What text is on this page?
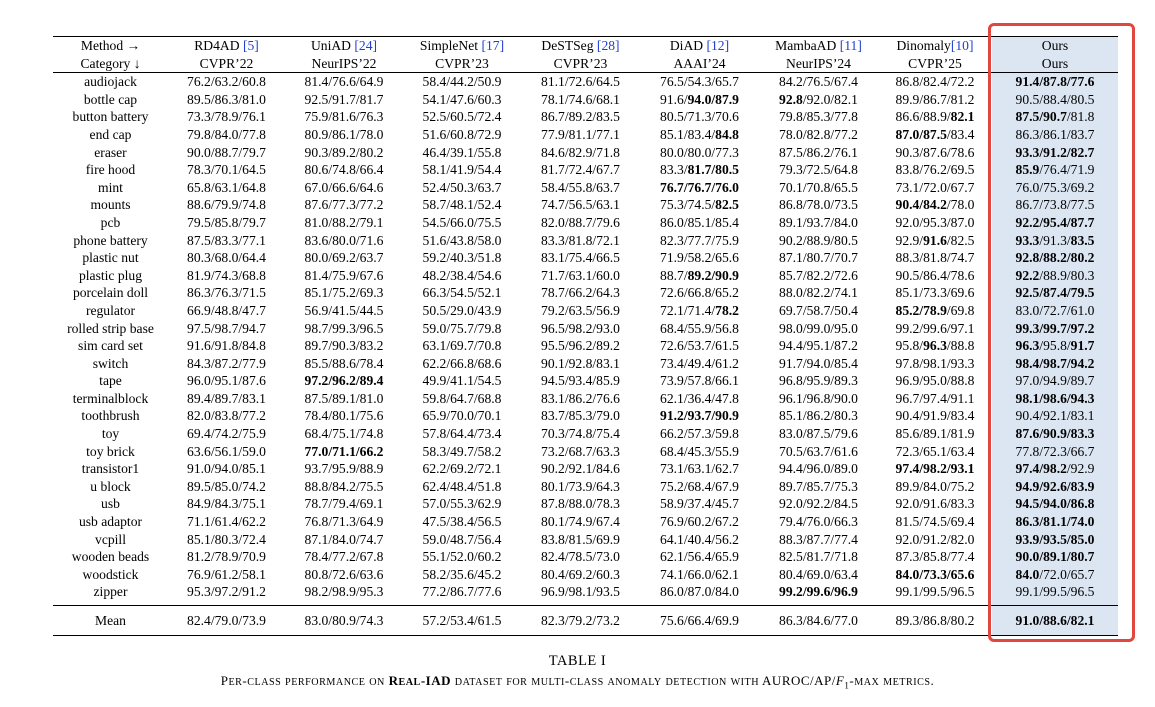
Method →	RD4AD [5]	UniAD [24]	SimpleNet [17]	DeSTSeg [28]	DiAD [12]	MambaAD [11]	Dinomaly[10]	Ours
Category ↓	CVPR’22	NeurIPS’22	CVPR’23	CVPR’23	AAAI’24	NeurIPS’24	CVPR’25	Ours
audiojack	76.2/63.2/60.8	81.4/76.6/64.9	58.4/44.2/50.9	81.1/72.6/64.5	76.5/54.3/65.7	84.2/76.5/67.4	86.8/82.4/72.2	91.4/87.8/77.6
bottle cap	89.5/86.3/81.0	92.5/91.7/81.7	54.1/47.6/60.3	78.1/74.6/68.1	91.6/94.0/87.9	92.8/92.0/82.1	89.9/86.7/81.2	90.5/88.4/80.5
button battery	73.3/78.9/76.1	75.9/81.6/76.3	52.5/60.5/72.4	86.7/89.2/83.5	80.5/71.3/70.6	79.8/85.3/77.8	86.6/88.9/82.1	87.5/90.7/81.8
end cap	79.8/84.0/77.8	80.9/86.1/78.0	51.6/60.8/72.9	77.9/81.1/77.1	85.1/83.4/84.8	78.0/82.8/77.2	87.0/87.5/83.4	86.3/86.1/83.7
eraser	90.0/88.7/79.7	90.3/89.2/80.2	46.4/39.1/55.8	84.6/82.9/71.8	80.0/80.0/77.3	87.5/86.2/76.1	90.3/87.6/78.6	93.3/91.2/82.7
fire hood	78.3/70.1/64.5	80.6/74.8/66.4	58.1/41.9/54.4	81.7/72.4/67.7	83.3/81.7/80.5	79.3/72.5/64.8	83.8/76.2/69.5	85.9/76.4/71.9
mint	65.8/63.1/64.8	67.0/66.6/64.6	52.4/50.3/63.7	58.4/55.8/63.7	76.7/76.7/76.0	70.1/70.8/65.5	73.1/72.0/67.7	76.0/75.3/69.2
mounts	88.6/79.9/74.8	87.6/77.3/77.2	58.7/48.1/52.4	74.7/56.5/63.1	75.3/74.5/82.5	86.8/78.0/73.5	90.4/84.2/78.0	86.7/73.8/77.5
pcb	79.5/85.8/79.7	81.0/88.2/79.1	54.5/66.0/75.5	82.0/88.7/79.6	86.0/85.1/85.4	89.1/93.7/84.0	92.0/95.3/87.0	92.2/95.4/87.7
phone battery	87.5/83.3/77.1	83.6/80.0/71.6	51.6/43.8/58.0	83.3/81.8/72.1	82.3/77.7/75.9	90.2/88.9/80.5	92.9/91.6/82.5	93.3/91.3/83.5
plastic nut	80.3/68.0/64.4	80.0/69.2/63.7	59.2/40.3/51.8	83.1/75.4/66.5	71.9/58.2/65.6	87.1/80.7/70.7	88.3/81.8/74.7	92.8/88.2/80.2
plastic plug	81.9/74.3/68.8	81.4/75.9/67.6	48.2/38.4/54.6	71.7/63.1/60.0	88.7/89.2/90.9	85.7/82.2/72.6	90.5/86.4/78.6	92.2/88.9/80.3
porcelain doll	86.3/76.3/71.5	85.1/75.2/69.3	66.3/54.5/52.1	78.7/66.2/64.3	72.6/66.8/65.2	88.0/82.2/74.1	85.1/73.3/69.6	92.5/87.4/79.5
regulator	66.9/48.8/47.7	56.9/41.5/44.5	50.5/29.0/43.9	79.2/63.5/56.9	72.1/71.4/78.2	69.7/58.7/50.4	85.2/78.9/69.8	83.0/72.7/61.0
rolled strip base	97.5/98.7/94.7	98.7/99.3/96.5	59.0/75.7/79.8	96.5/98.2/93.0	68.4/55.9/56.8	98.0/99.0/95.0	99.2/99.6/97.1	99.3/99.7/97.2
sim card set	91.6/91.8/84.8	89.7/90.3/83.2	63.1/69.7/70.8	95.5/96.2/89.2	72.6/53.7/61.5	94.4/95.1/87.2	95.8/96.3/88.8	96.3/95.8/91.7
switch	84.3/87.2/77.9	85.5/88.6/78.4	62.2/66.8/68.6	90.1/92.8/83.1	73.4/49.4/61.2	91.7/94.0/85.4	97.8/98.1/93.3	98.4/98.7/94.2
tape	96.0/95.1/87.6	97.2/96.2/89.4	49.9/41.1/54.5	94.5/93.4/85.9	73.9/57.8/66.1	96.8/95.9/89.3	96.9/95.0/88.8	97.0/94.9/89.7
terminalblock	89.4/89.7/83.1	87.5/89.1/81.0	59.8/64.7/68.8	83.1/86.2/76.6	62.1/36.4/47.8	96.1/96.8/90.0	96.7/97.4/91.1	98.1/98.6/94.3
toothbrush	82.0/83.8/77.2	78.4/80.1/75.6	65.9/70.0/70.1	83.7/85.3/79.0	91.2/93.7/90.9	85.1/86.2/80.3	90.4/91.9/83.4	90.4/92.1/83.1
toy	69.4/74.2/75.9	68.4/75.1/74.8	57.8/64.4/73.4	70.3/74.8/75.4	66.2/57.3/59.8	83.0/87.5/79.6	85.6/89.1/81.9	87.6/90.9/83.3
toy brick	63.6/56.1/59.0	77.0/71.1/66.2	58.3/49.7/58.2	73.2/68.7/63.3	68.4/45.3/55.9	70.5/63.7/61.6	72.3/65.1/63.4	77.8/72.3/66.7
transistor1	91.0/94.0/85.1	93.7/95.9/88.9	62.2/69.2/72.1	90.2/92.1/84.6	73.1/63.1/62.7	94.4/96.0/89.0	97.4/98.2/93.1	97.4/98.2/92.9
u block	89.5/85.0/74.2	88.8/84.2/75.5	62.4/48.4/51.8	80.1/73.9/64.3	75.2/68.4/67.9	89.7/85.7/75.3	89.9/84.0/75.2	94.9/92.6/83.9
usb	84.9/84.3/75.1	78.7/79.4/69.1	57.0/55.3/62.9	87.8/88.0/78.3	58.9/37.4/45.7	92.0/92.2/84.5	92.0/91.6/83.3	94.5/94.0/86.8
usb adaptor	71.1/61.4/62.2	76.8/71.3/64.9	47.5/38.4/56.5	80.1/74.9/67.4	76.9/60.2/67.2	79.4/76.0/66.3	81.5/74.5/69.4	86.3/81.1/74.0
vcpill	85.1/80.3/72.4	87.1/84.0/74.7	59.0/48.7/56.4	83.8/81.5/69.9	64.1/40.4/56.2	88.3/87.7/77.4	92.0/91.2/82.0	93.9/93.5/85.0
wooden beads	81.2/78.9/70.9	78.4/77.2/67.8	55.1/52.0/60.2	82.4/78.5/73.0	62.1/56.4/65.9	82.5/81.7/71.8	87.3/85.8/77.4	90.0/89.1/80.7
woodstick	76.9/61.2/58.1	80.8/72.6/63.6	58.2/35.6/45.2	80.4/69.2/60.3	74.1/66.0/62.1	80.4/69.0/63.4	84.0/73.3/65.6	84.0/72.0/65.7
zipper	95.3/97.2/91.2	98.2/98.9/95.3	77.2/86.7/77.6	96.9/98.1/93.5	86.0/87.0/84.0	99.2/99.6/96.9	99.1/99.5/96.5	99.1/99.5/96.5
Mean	82.4/79.0/73.9	83.0/80.9/74.3	57.2/53.4/61.5	82.3/79.2/73.2	75.6/66.4/69.9	86.3/84.6/77.0	89.3/86.8/80.2	91.0/88.6/82.1
TABLE I
PER-CLASS PERFORMANCE ON REAL-IAD DATASET FOR MULTI-CLASS ANOMALY DETECTION WITH AUROC/$AP/F_1$-MAX METRICS.
